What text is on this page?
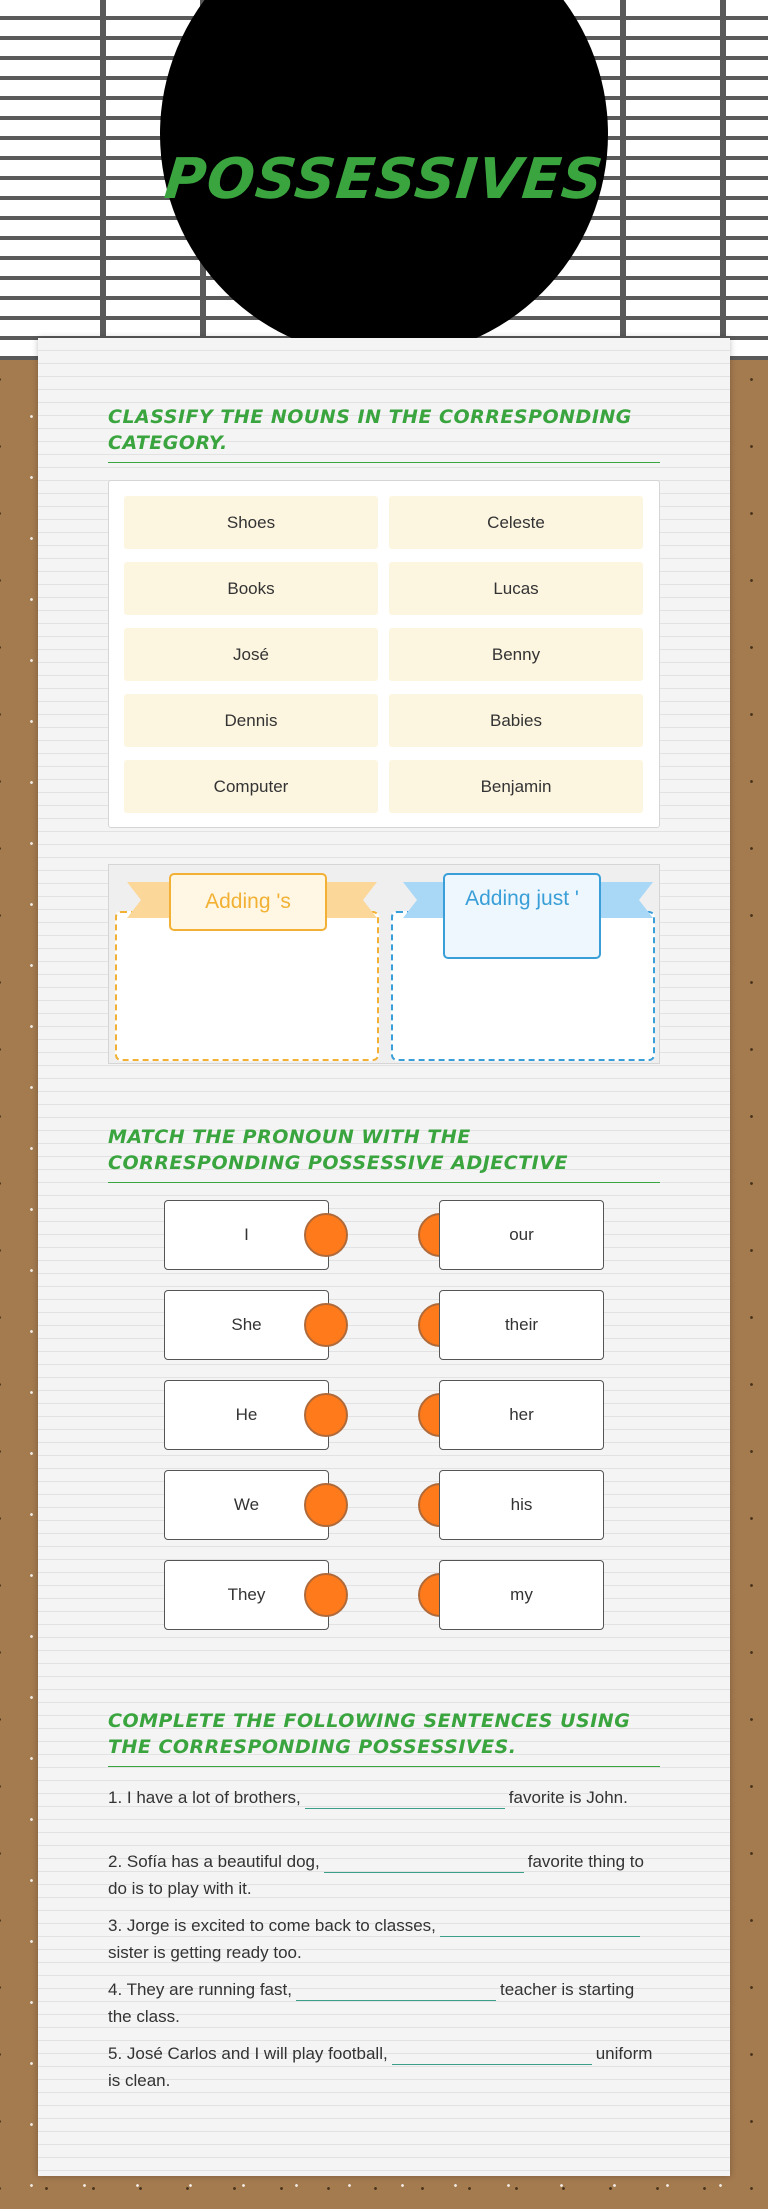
POSSESSIVES
CLASSIFY THE NOUNS IN THE CORRESPONDING CATEGORY.
Shoes	Celeste
Books	Lucas
José	Benny
Dennis	Babies
Computer	Benjamin
Adding 's	Adding just '
MATCH THE PRONOUN WITH THE CORRESPONDING POSSESSIVE ADJECTIVE
I	our
She	their
He	her
We	his
They	my
COMPLETE THE FOLLOWING SENTENCES USING THE CORRESPONDING POSSESSIVES.
1. I have a lot of brothers,	favorite is John.
2. Sofía has a beautiful dog,	favorite thing to do is to play with it.
3. Jorge is excited to come back to classes,sister is getting ready too.
4. They are running fast,	teacher is starting the class.
5. José Carlos and I will play football,	uniform is clean.
